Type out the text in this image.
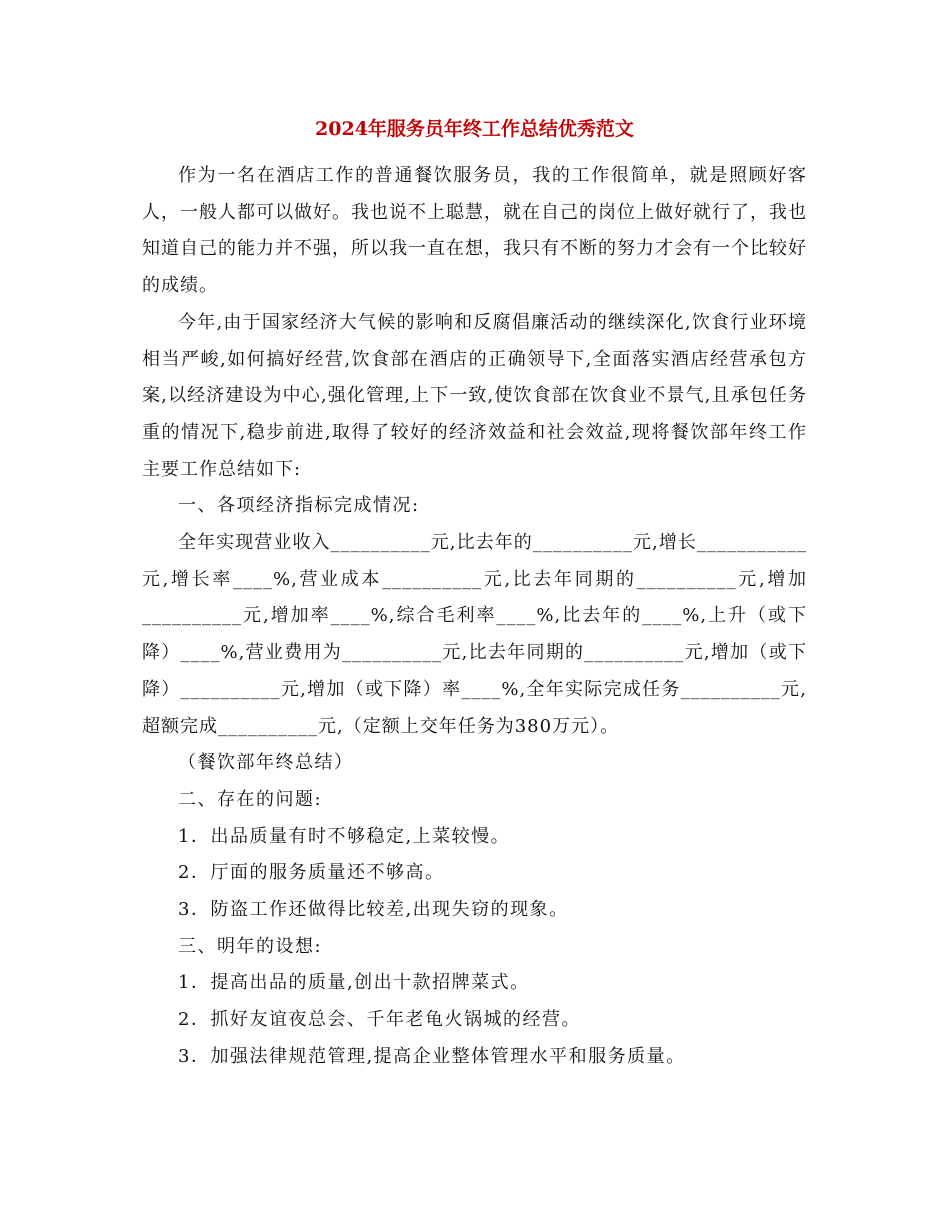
2024年服务员年终工作总结优秀范文

作为一名在酒店工作的普通餐饮服务员，我的工作很简单，就是照顾好客人，一般人都可以做好。我也说不上聪慧，就在自己的岗位上做好就行了，我也知道自己的能力并不强，所以我一直在想，我只有不断的努力才会有一个比较好的成绩。

今年,由于国家经济大气候的影响和反腐倡廉活动的继续深化,饮食行业环境相当严峻,如何搞好经营,饮食部在酒店的正确领导下,全面落实酒店经营承包方案,以经济建设为中心,强化管理,上下一致,使饮食部在饮食业不景气,且承包任务重的情况下,稳步前进,取得了较好的经济效益和社会效益,现将餐饮部年终工作主要工作总结如下:

一、各项经济指标完成情况:

全年实现营业收入__________元,比去年的__________元,增长___________元,增长率____%,营业成本__________元,比去年同期的__________元,增加__________元,增加率____%,综合毛利率____%,比去年的____%,上升（或下降）____%,营业费用为__________元,比去年同期的__________元,增加（或下降）__________元,增加（或下降）率____%,全年实际完成任务__________元,超额完成__________元,（定额上交年任务为380万元）。

（餐饮部年终总结）

二、存在的问题:

1．出品质量有时不够稳定,上菜较慢。

2．厅面的服务质量还不够高。

3．防盗工作还做得比较差,出现失窃的现象。

三、明年的设想:

1．提高出品的质量,创出十款招牌菜式。

2．抓好友谊夜总会、千年老龟火锅城的经营。

3．加强法律规范管理,提高企业整体管理水平和服务质量。
